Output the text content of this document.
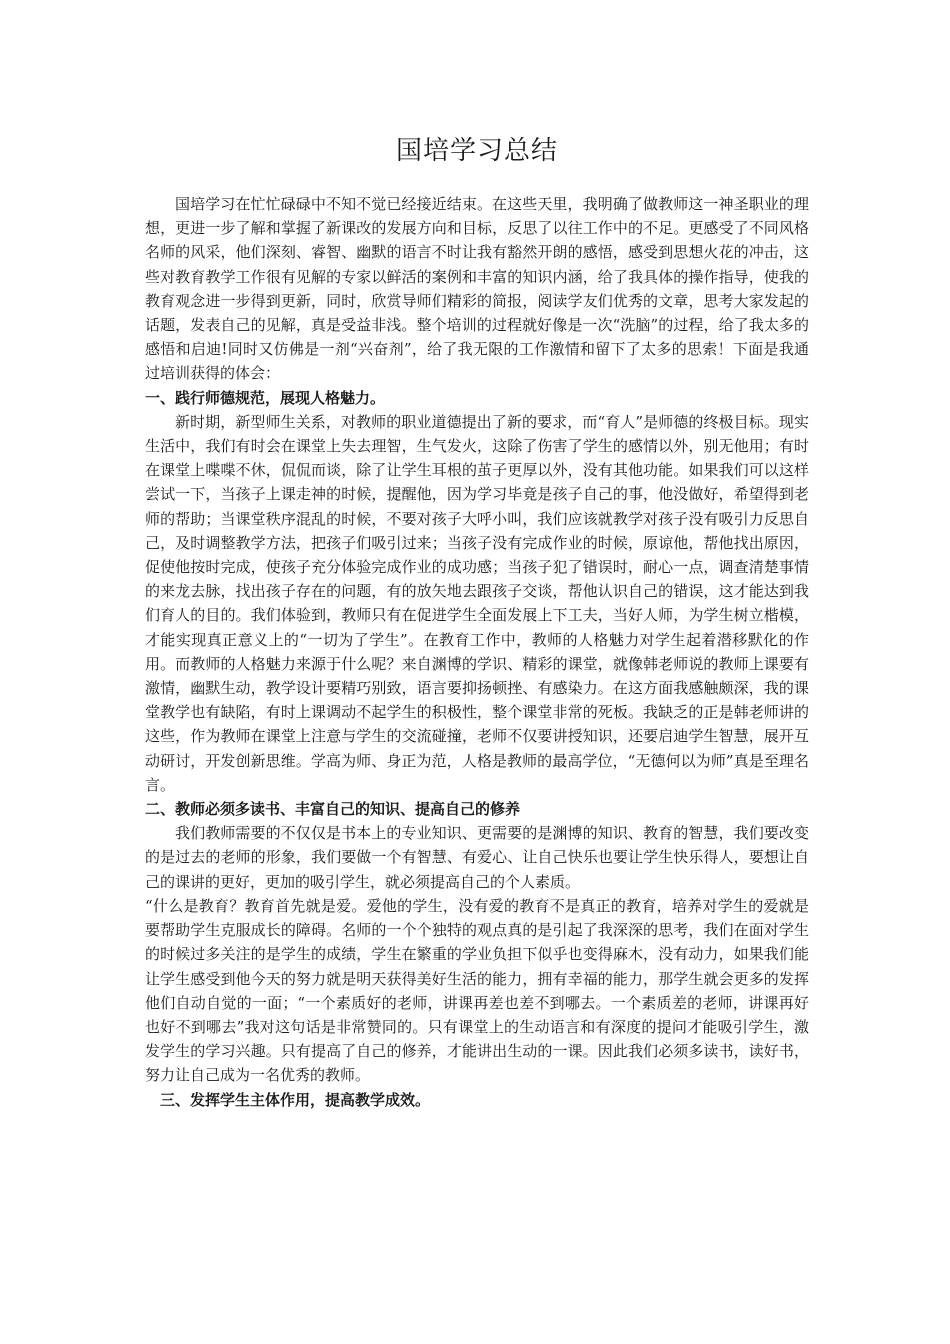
国培学习总结

国培学习在忙忙碌碌中不知不觉已经接近结束。在这些天里，我明确了做教师这一神圣职业的理想，更进一步了解和掌握了新课改的发展方向和目标，反思了以往工作中的不足。更感受了不同风格名师的风采，他们深刻、睿智、幽默的语言不时让我有豁然开朗的感悟，感受到思想火花的冲击，这些对教育教学工作很有见解的专家以鲜活的案例和丰富的知识内涵，给了我具体的操作指导，使我的教育观念进一步得到更新，同时，欣赏导师们精彩的简报，阅读学友们优秀的文章，思考大家发起的话题，发表自己的见解，真是受益非浅。整个培训的过程就好像是一次“洗脑”的过程，给了我太多的感悟和启迪!同时又仿佛是一剂“兴奋剂”，给了我无限的工作激情和留下了太多的思索！下面是我通过培训获得的体会：

一、践行师德规范，展现人格魅力。

新时期，新型师生关系，对教师的职业道德提出了新的要求，而“育人”是师德的终极目标。现实生活中，我们有时会在课堂上失去理智，生气发火，这除了伤害了学生的感情以外，别无他用；有时在课堂上喋喋不休，侃侃而谈，除了让学生耳根的茧子更厚以外，没有其他功能。如果我们可以这样尝试一下，当孩子上课走神的时候，提醒他，因为学习毕竟是孩子自己的事，他没做好，希望得到老师的帮助；当课堂秩序混乱的时候，不要对孩子大呼小叫，我们应该就教学对孩子没有吸引力反思自己，及时调整教学方法，把孩子们吸引过来；当孩子没有完成作业的时候，原谅他，帮他找出原因，促使他按时完成，使孩子充分体验完成作业的成功感；当孩子犯了错误时，耐心一点，调查清楚事情的来龙去脉，找出孩子存在的问题，有的放矢地去跟孩子交谈，帮他认识自己的错误，这才能达到我们育人的目的。我们体验到，教师只有在促进学生全面发展上下工夫，当好人师，为学生树立楷模，才能实现真正意义上的“一切为了学生”。在教育工作中，教师的人格魅力对学生起着潜移默化的作用。而教师的人格魅力来源于什么呢？来自渊博的学识、精彩的课堂，就像韩老师说的教师上课要有激情，幽默生动，教学设计要精巧别致，语言要抑扬顿挫、有感染力。在这方面我感触颇深，我的课堂教学也有缺陷，有时上课调动不起学生的积极性，整个课堂非常的死板。我缺乏的正是韩老师讲的这些，作为教师在课堂上注意与学生的交流碰撞，老师不仅要讲授知识，还要启迪学生智慧，展开互动研讨，开发创新思维。学高为师、身正为范，人格是教师的最高学位，“无德何以为师”真是至理名言。

二、教师必须多读书、丰富自己的知识、提高自己的修养

我们教师需要的不仅仅是书本上的专业知识、更需要的是渊博的知识、教育的智慧，我们要改变的是过去的老师的形象，我们要做一个有智慧、有爱心、让自己快乐也要让学生快乐得人，要想让自己的课讲的更好，更加的吸引学生，就必须提高自己的个人素质。

“什么是教育？教育首先就是爱。爱他的学生，没有爱的教育不是真正的教育，培养对学生的爱就是要帮助学生克服成长的障碍。名师的一个个独特的观点真的是引起了我深深的思考，我们在面对学生的时候过多关注的是学生的成绩，学生在繁重的学业负担下似乎也变得麻木，没有动力，如果我们能让学生感受到他今天的努力就是明天获得美好生活的能力，拥有幸福的能力，那学生就会更多的发挥他们自动自觉的一面；“一个素质好的老师，讲课再差也差不到哪去。一个素质差的老师，讲课再好也好不到哪去”我对这句话是非常赞同的。只有课堂上的生动语言和有深度的提问才能吸引学生，激发学生的学习兴趣。只有提高了自己的修养，才能讲出生动的一课。因此我们必须多读书，读好书，努力让自己成为一名优秀的教师。

三、发挥学生主体作用，提高教学成效。
